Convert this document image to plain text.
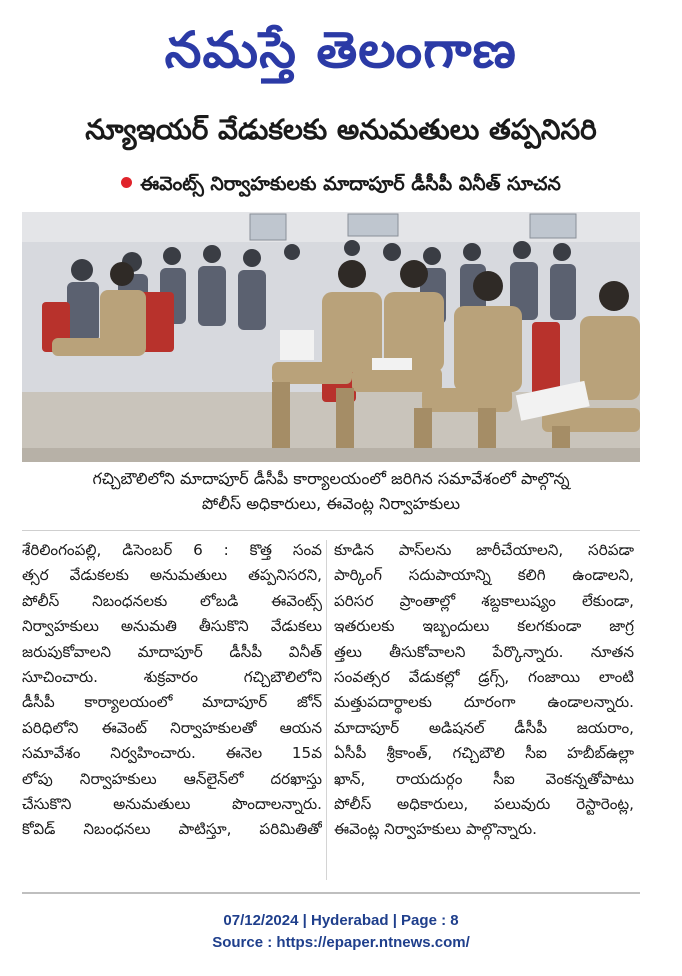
నమస్తే తెలంగాణ
న్యూఇయర్ వేడుకలకు అనుమతులు తప్పనిసరి
ఈవెంట్స్ నిర్వాహకులకు మాదాపూర్ డీసీపీ వినీత్ సూచన
గచ్చిబౌలిలోని మాదాపూర్ డీసీపీ కార్యాలయంలో జరిగిన సమావేశంలో పాల్గొన్న
పోలీస్ అధికారులు, ఈవెంట్ల నిర్వాహకులు
శేరిలింగంపల్లి, డిసెంబర్ 6 : కొత్త సంవ
త్సర వేడుకలకు అనుమతులు తప్పనిసరని,
పోలీస్ నిబంధనలకు లోబడి ఈవెంట్స్
నిర్వాహకులు అనుమతి తీసుకొని వేడుకలు
జరుపుకోవాలని మాదాపూర్ డీసీపీ వినీత్
సూచించారు. శుక్రవారం గచ్చిబౌలిలోని
డీసీపీ కార్యాలయంలో మాదాపూర్ జోన్
పరిధిలోని ఈవెంట్ నిర్వాహకులతో ఆయన
సమావేశం నిర్వహించారు. ఈనెల 15వ
లోపు నిర్వాహకులు ఆన్‌లైన్‌లో దరఖాస్తు
చేసుకొని అనుమతులు పొందాలన్నారు.
కోవిడ్ నిబంధనలు పాటిస్తూ, పరిమితితో
కూడిన పాస్‌లను జారీచేయాలని, సరిపడా
పార్కింగ్ సదుపాయాన్ని కలిగి ఉండాలని,
పరిసర ప్రాంతాల్లో శబ్దకాలుష్యం లేకుండా,
ఇతరులకు ఇబ్బందులు కలగకుండా జాగ్ర
త్తలు తీసుకోవాలని పేర్కొన్నారు. నూతన
సంవత్సర వేడుకల్లో డ్రగ్స్, గంజాయి లాంటి
మత్తుపదార్థాలకు దూరంగా ఉండాలన్నారు.
మాదాపూర్ అడిషనల్ డీసీపీ జయరాం,
ఏసీపీ శ్రీకాంత్, గచ్చిబౌలి సీఐ హబీబ్‌ఉల్లా
ఖాన్, రాయదుర్గం సీఐ వెంకన్నతోపాటు
పోలీస్ అధికారులు, పలువురు రెస్టారెంట్ల,
ఈవెంట్ల నిర్వాహకులు పాల్గొన్నారు.
07/12/2024 | Hyderabad | Page : 8
Source : https://epaper.ntnews.com/
